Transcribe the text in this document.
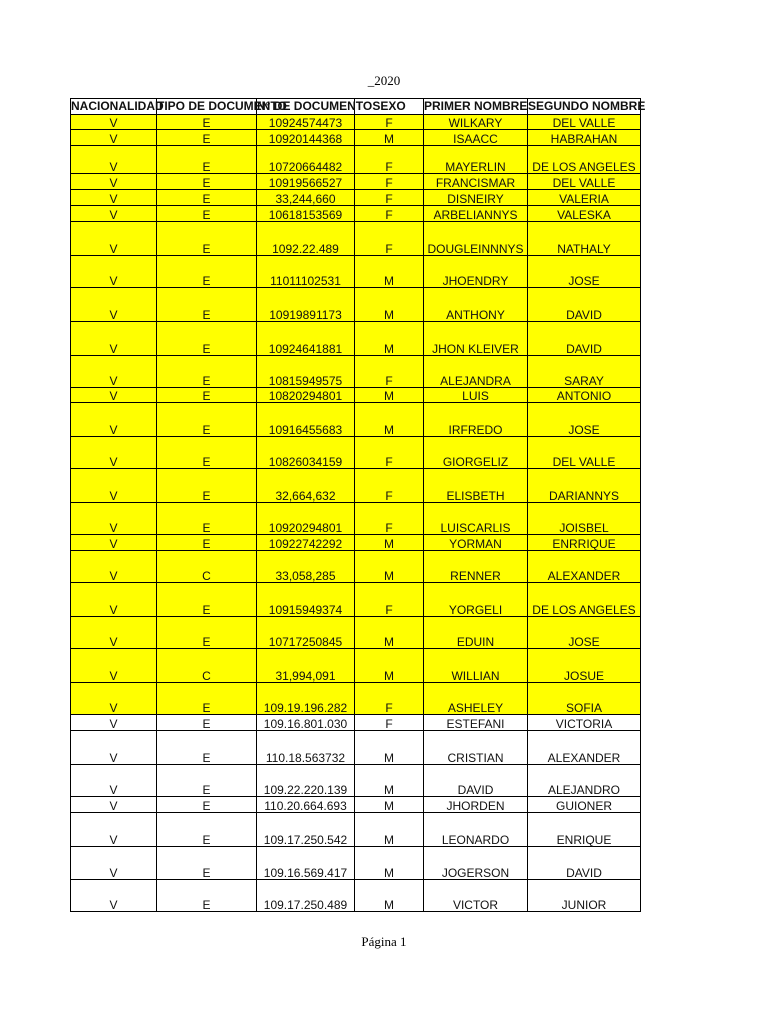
_2020
NACIONALIDAD	TIPO DE DOCUMENTO	N° DE DOCUMENTO	SEXO	PRIMER NOMBRE	SEGUNDO NOMBRE
V	E	10924574473	F	WILKARY	DEL VALLE
V	E	10920144368	M	ISAACC	HABRAHAN
V	E	10720664482	F	MAYERLIN	DE LOS ANGELES
V	E	10919566527	F	FRANCISMAR	DEL VALLE
V	E	33,244,660	F	DISNEIRY	VALERIA
V	E	10618153569	F	ARBELIANNYS	VALESKA
V	E	1092.22.489	F	DOUGLEINNNYS	NATHALY
V	E	11011102531	M	JHOENDRY	JOSE
V	E	10919891173	M	ANTHONY	DAVID
V	E	10924641881	M	JHON KLEIVER	DAVID
V	E	10815949575	F	ALEJANDRA	SARAY
V	E	10820294801	M	LUIS	ANTONIO
V	E	10916455683	M	IRFREDO	JOSE
V	E	10826034159	F	GIORGELIZ	DEL VALLE
V	E	32,664,632	F	ELISBETH	DARIANNYS
V	E	10920294801	F	LUISCARLIS	JOISBEL
V	E	10922742292	M	YORMAN	ENRRIQUE
V	C	33,058,285	M	RENNER	ALEXANDER
V	E	10915949374	F	YORGELI	DE LOS ANGELES
V	E	10717250845	M	EDUIN	JOSE
V	C	31,994,091	M	WILLIAN	JOSUE
V	E	109.19.196.282	F	ASHELEY	SOFIA
V	E	109.16.801.030	F	ESTEFANI	VICTORIA
V	E	110.18.563732	M	CRISTIAN	ALEXANDER
V	E	109.22.220.139	M	DAVID	ALEJANDRO
V	E	110.20.664.693	M	JHORDEN	GUIONER
V	E	109.17.250.542	M	LEONARDO	ENRIQUE
V	E	109.16.569.417	M	JOGERSON	DAVID
V	E	109.17.250.489	M	VICTOR	JUNIOR
Página 1
